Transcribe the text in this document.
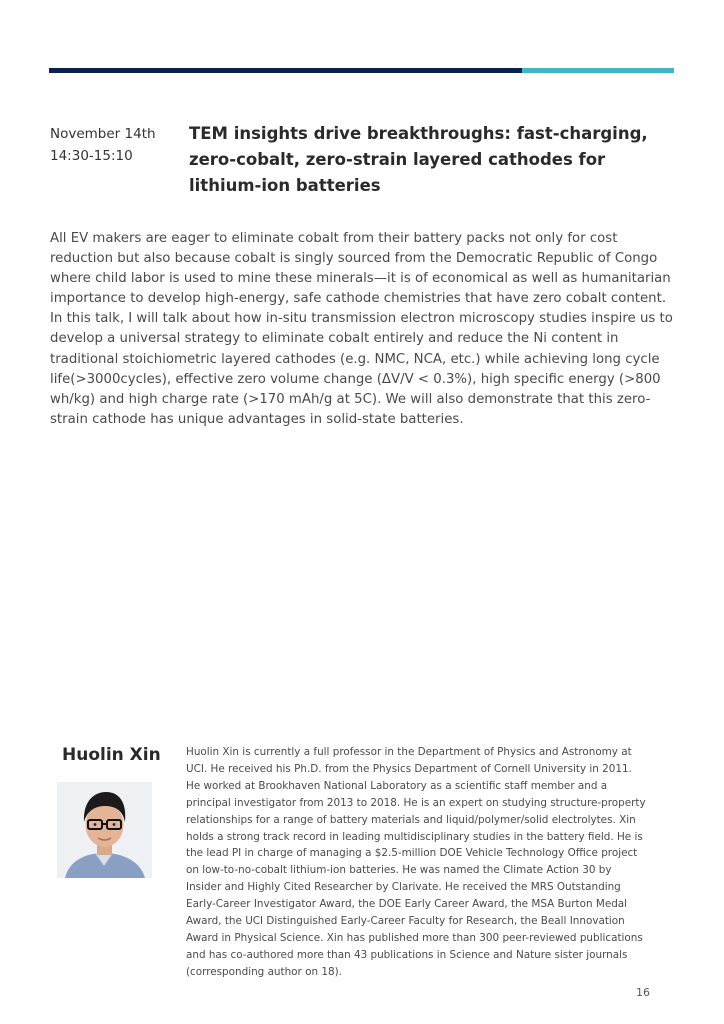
November 14th
14:30-15:10
TEM insights drive breakthroughs: fast-charging, zero-cobalt, zero-strain layered cathodes for lithium-ion batteries
All EV makers are eager to eliminate cobalt from their battery packs not only for cost reduction but also because cobalt is singly sourced from the Democratic Republic of Congo where child labor is used to mine these minerals—it is of economical as well as humanitarian importance to develop high-energy, safe cathode chemistries that have zero cobalt content. In this talk, I will talk about how in-situ transmission electron microscopy studies inspire us to develop a universal strategy to eliminate cobalt entirely and reduce the Ni content in traditional stoichiometric layered cathodes (e.g. NMC, NCA, etc.) while achieving long cycle life(>3000cycles), effective zero volume change (ΔV/V < 0.3%), high specific energy (>800 wh/kg) and high charge rate (>170 mAh/g at 5C). We will also demonstrate that this zero-strain cathode has unique advantages in solid-state batteries.
Huolin Xin Huolin Xin is currently a full professor in the Department of Physics and Astronomy at UCI. He received his Ph.D. from the Physics Department of Cornell University in 2011. He worked at Brookhaven National Laboratory as a scientific staff member and a principal investigator from 2013 to 2018. He is an expert on studying structure-property relationships for a range of battery materials and liquid/polymer/solid electrolytes. Xin holds a strong track record in leading multidisciplinary studies in the battery field. He is the lead PI in charge of managing a $2.5-million DOE Vehicle Technology Office project on low-to-no-cobalt lithium-ion batteries. He was named the Climate Action 30 by Insider and Highly Cited Researcher by Clarivate. He received the MRS Outstanding Early-Career Investigator Award, the DOE Early Career Award, the MSA Burton Medal Award, the UCI Distinguished Early-Career Faculty for Research, the Beall Innovation Award in Physical Science. Xin has published more than 300 peer-reviewed publications and has co-authored more than 43 publications in Science and Nature sister journals (corresponding author on 18).
16
